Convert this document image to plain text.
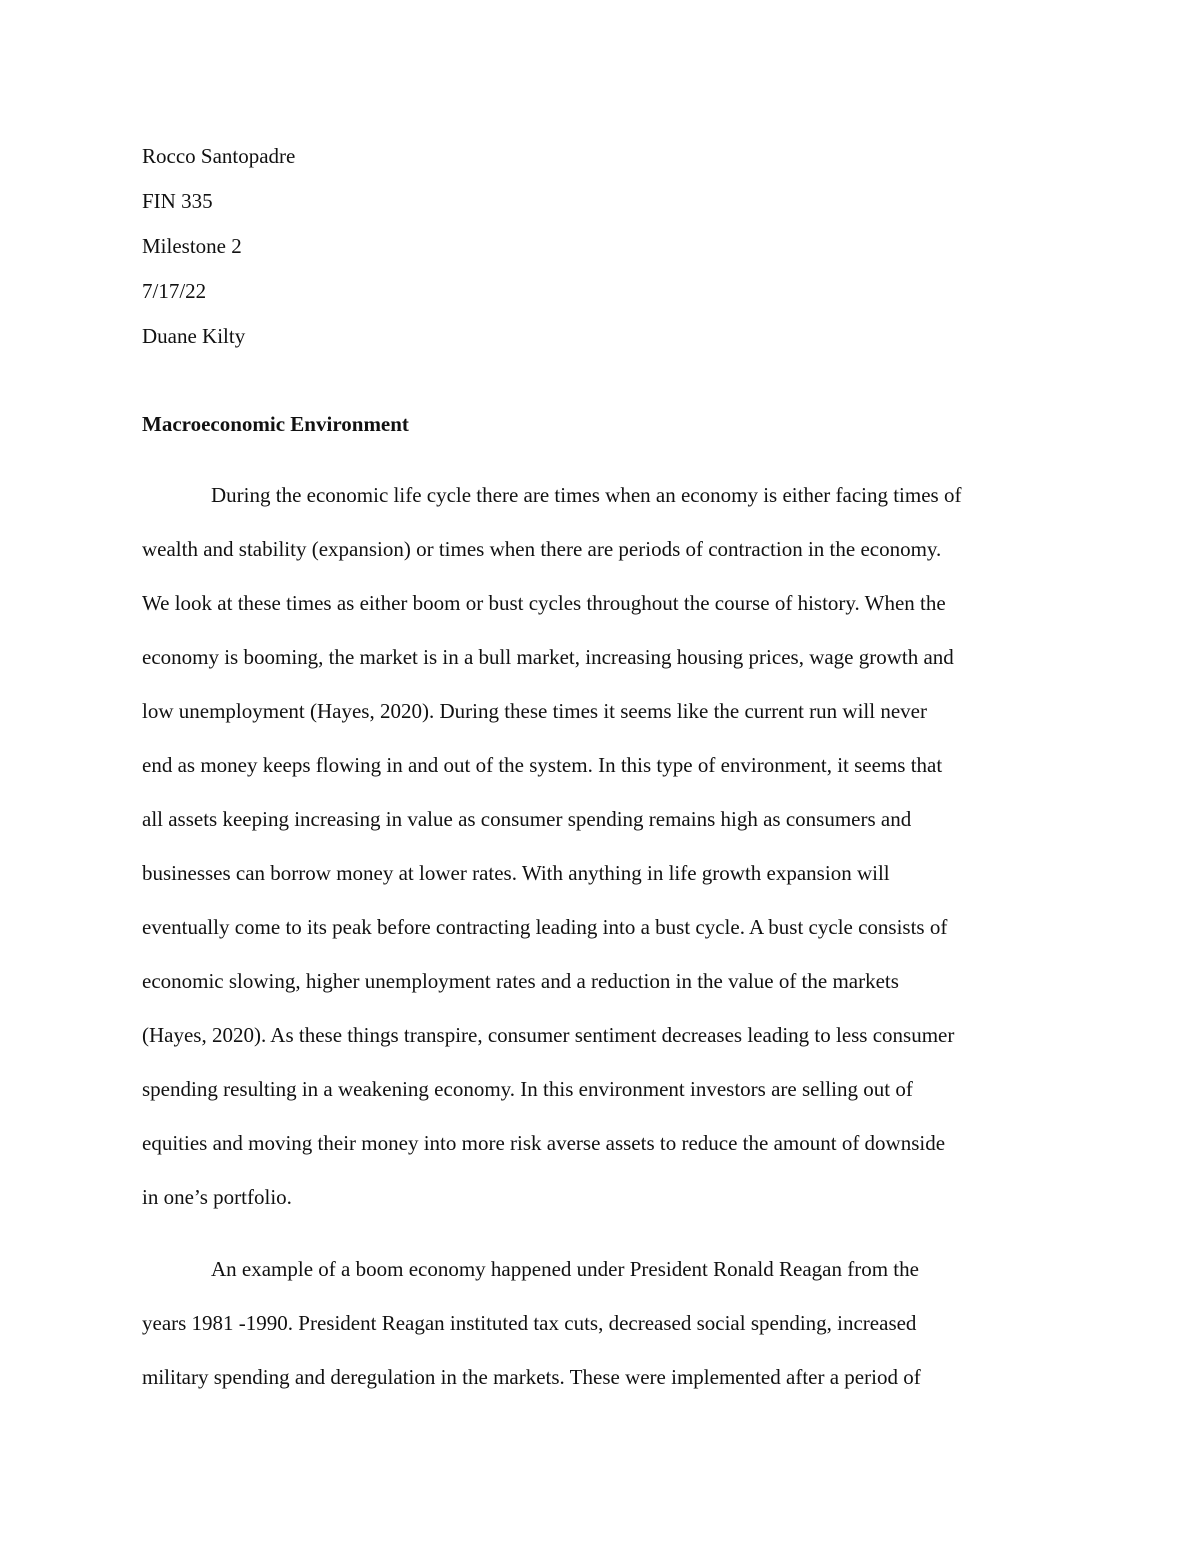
Rocco Santopadre
FIN 335
Milestone 2
7/17/22
Duane Kilty
Macroeconomic Environment
During the economic life cycle there are times when an economy is either facing times of
wealth and stability (expansion) or times when there are periods of contraction in the economy.
We look at these times as either boom or bust cycles throughout the course of history. When the
economy is booming, the market is in a bull market, increasing housing prices, wage growth and
low unemployment (Hayes, 2020). During these times it seems like the current run will never
end as money keeps flowing in and out of the system. In this type of environment, it seems that
all assets keeping increasing in value as consumer spending remains high as consumers and
businesses can borrow money at lower rates. With anything in life growth expansion will
eventually come to its peak before contracting leading into a bust cycle. A bust cycle consists of
economic slowing, higher unemployment rates and a reduction in the value of the markets
(Hayes, 2020). As these things transpire, consumer sentiment decreases leading to less consumer
spending resulting in a weakening economy. In this environment investors are selling out of
equities and moving their money into more risk averse assets to reduce the amount of downside
in one’s portfolio.
An example of a boom economy happened under President Ronald Reagan from the
years 1981 -1990. President Reagan instituted tax cuts, decreased social spending, increased
military spending and deregulation in the markets. These were implemented after a period of
